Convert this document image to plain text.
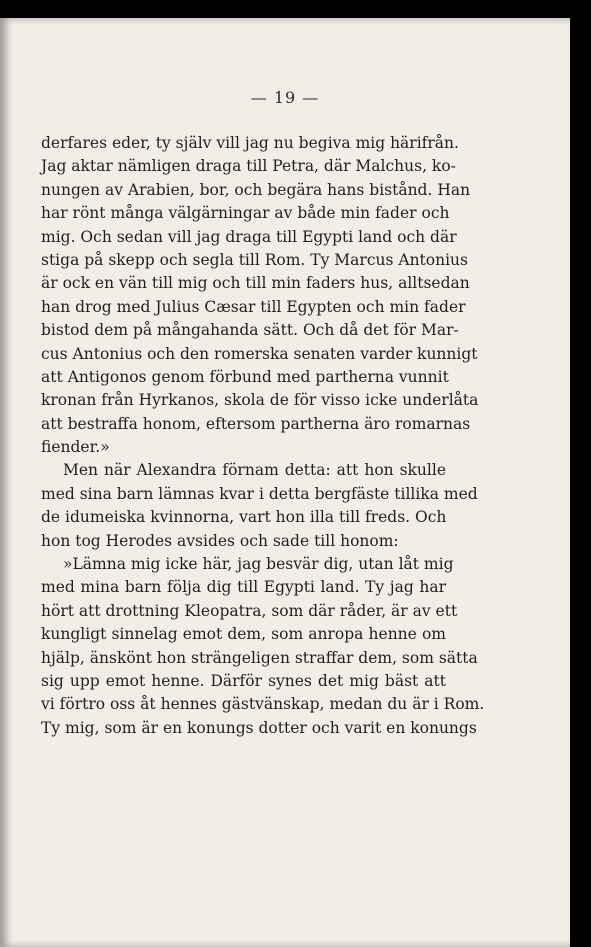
— 19 —
derfares eder, ty själv vill jag nu begiva mig härifrån.
Jag aktar nämligen draga till Petra, där Malchus, ko-
nungen av Arabien, bor, och begära hans bistånd. Han
har rönt många välgärningar av både min fader och
mig. Och sedan vill jag draga till Egypti land och där
stiga på skepp och segla till Rom. Ty Marcus Antonius
är ock en vän till mig och till min faders hus, alltsedan
han drog med Julius Cæsar till Egypten och min fader
bistod dem på mångahanda sätt. Och då det för Mar-
cus Antonius och den romerska senaten varder kunnigt
att Antigonos genom förbund med partherna vunnit
kronan från Hyrkanos, skola de för visso icke underlåta
att bestraffa honom, eftersom partherna äro romarnas
fiender.»
Men när Alexandra förnam detta: att hon skulle
med sina barn lämnas kvar i detta bergfäste tillika med
de idumeiska kvinnorna, vart hon illa till freds. Och
hon tog Herodes avsides och sade till honom:
»Lämna mig icke här, jag besvär dig, utan låt mig
med mina barn följa dig till Egypti land. Ty jag har
hört att drottning Kleopatra, som där råder, är av ett
kungligt sinnelag emot dem, som anropa henne om
hjälp, änskönt hon strängeligen straffar dem, som sätta
sig upp emot henne. Därför synes det mig bäst att
vi förtro oss åt hennes gästvänskap, medan du är i Rom.
Ty mig, som är en konungs dotter och varit en konungs
